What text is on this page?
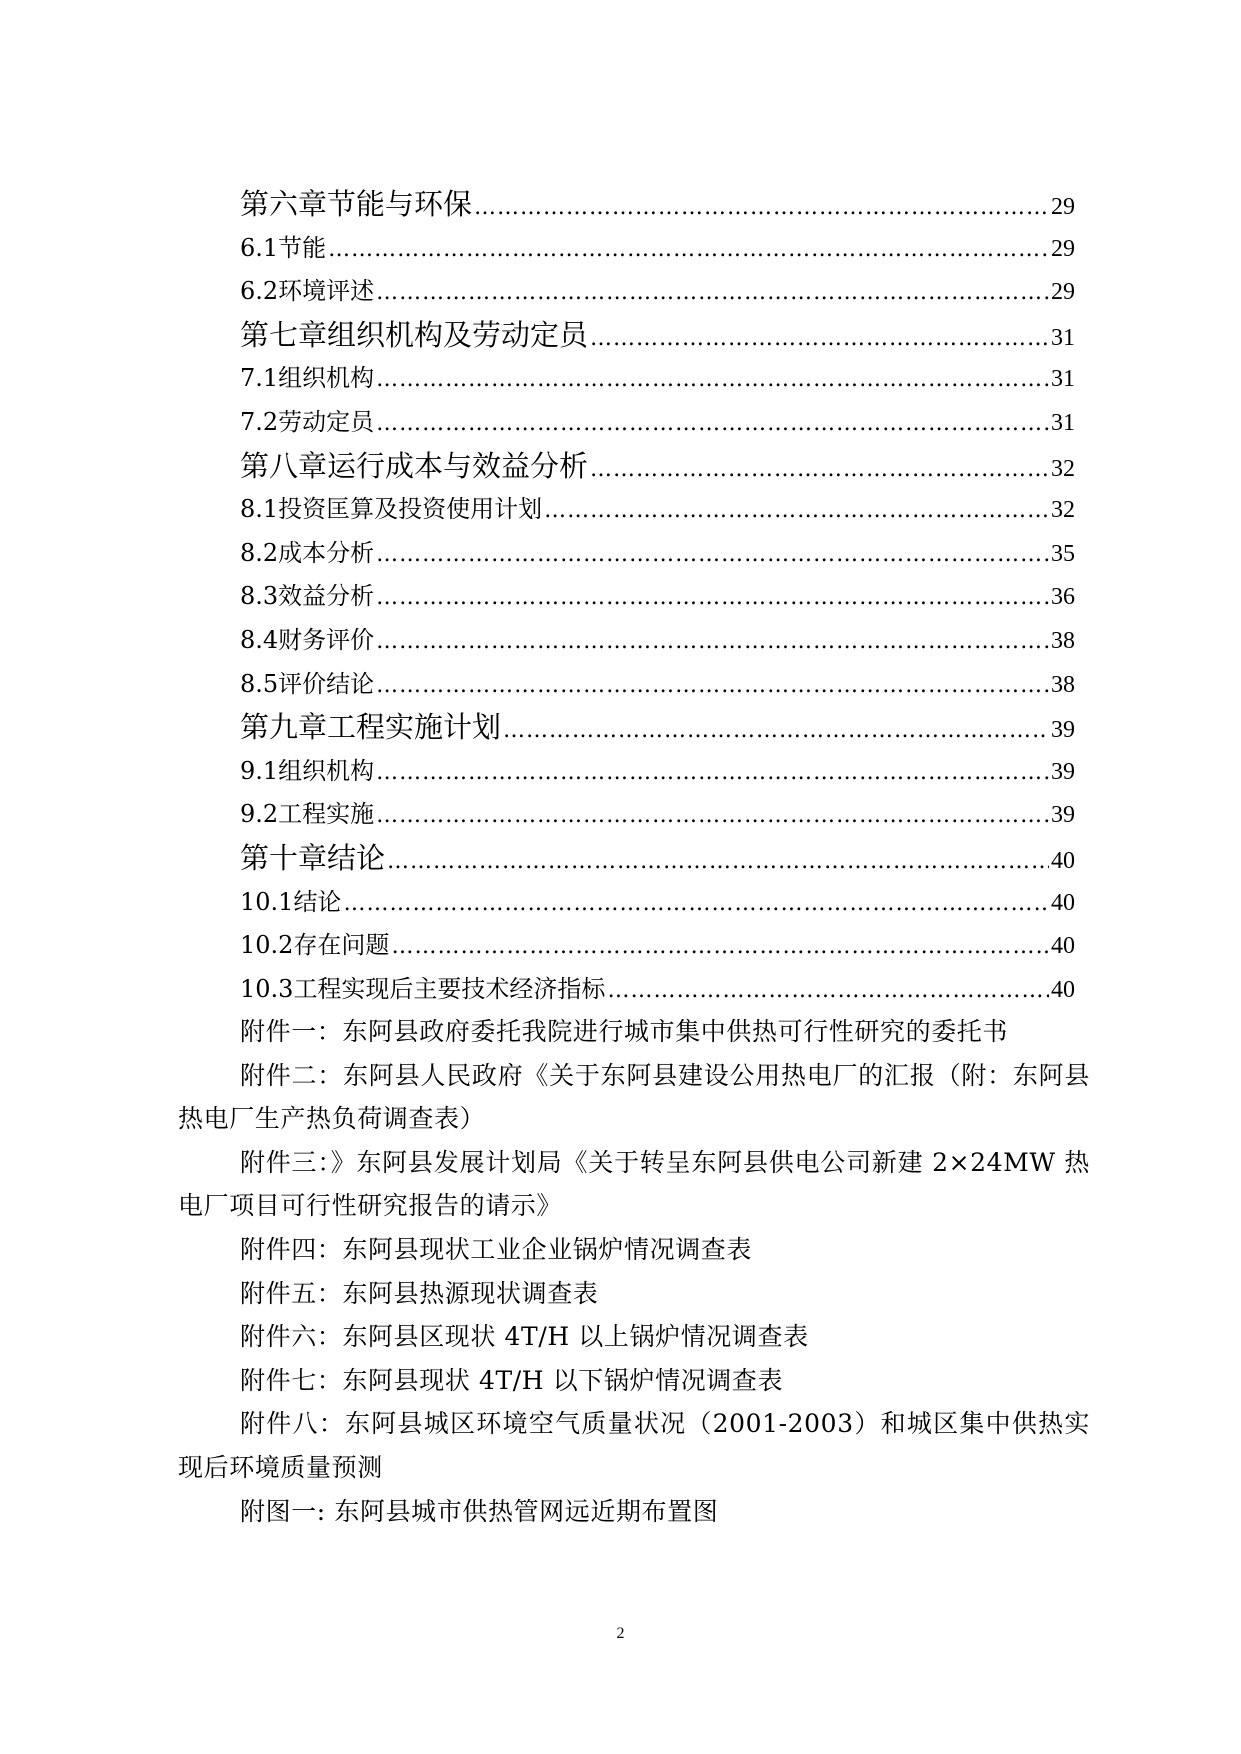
第六章 节能与环保 …………………………………………………………………………………………………………………………………………………………………………	29
6.1 节能 …………………………………………………………………………………………………………………………………………………………………………	29
6.2 环境评述 …………………………………………………………………………………………………………………………………………………………………………	29
第七章 组织机构及劳动定员 …………………………………………………………………………………………………………………………………………………………………………	31
7.1 组织机构 …………………………………………………………………………………………………………………………………………………………………………	31
7.2 劳动定员 …………………………………………………………………………………………………………………………………………………………………………	31
第八章 运行成本与效益分析 …………………………………………………………………………………………………………………………………………………………………………	32
8.1 投资匡算及投资使用计划 …………………………………………………………………………………………………………………………………………………………………………	32
8.2 成本分析 …………………………………………………………………………………………………………………………………………………………………………	35
8.3 效益分析 …………………………………………………………………………………………………………………………………………………………………………	36
8.4 财务评价 …………………………………………………………………………………………………………………………………………………………………………	38
8.5 评价结论 …………………………………………………………………………………………………………………………………………………………………………	38
第九章 工程实施计划 …………………………………………………………………………………………………………………………………………………………………………	39
9.1 组织机构 …………………………………………………………………………………………………………………………………………………………………………	39
9.2 工程实施 …………………………………………………………………………………………………………………………………………………………………………	39
第十章 结论 …………………………………………………………………………………………………………………………………………………………………………	40
10.1 结论 …………………………………………………………………………………………………………………………………………………………………………	40
10.2 存在问题 …………………………………………………………………………………………………………………………………………………………………………	40
10.3 工程实现后主要技术经济指标 …………………………………………………………………………………………………………………………………………………………………………	40

附件一：东阿县政府委托我院进行城市集中供热可行性研究的委托书

附件二：东阿县人民政府《关于东阿县建设公用热电厂的汇报（附：东阿县热电厂生产热负荷调查表）

附件三：》东阿县发展计划局《关于转呈东阿县供电公司新建 2×24MW 热电厂项目可行性研究报告的请示》

附件四：东阿县现状工业企业锅炉情况调查表

附件五：东阿县热源现状调查表

附件六：东阿县区现状 4T/H 以上锅炉情况调查表

附件七：东阿县现状 4T/H 以下锅炉情况调查表

附件八：东阿县城区环境空气质量状况（2001-2003）和城区集中供热实现后环境质量预测

附图一: 东阿县城市供热管网远近期布置图

2
